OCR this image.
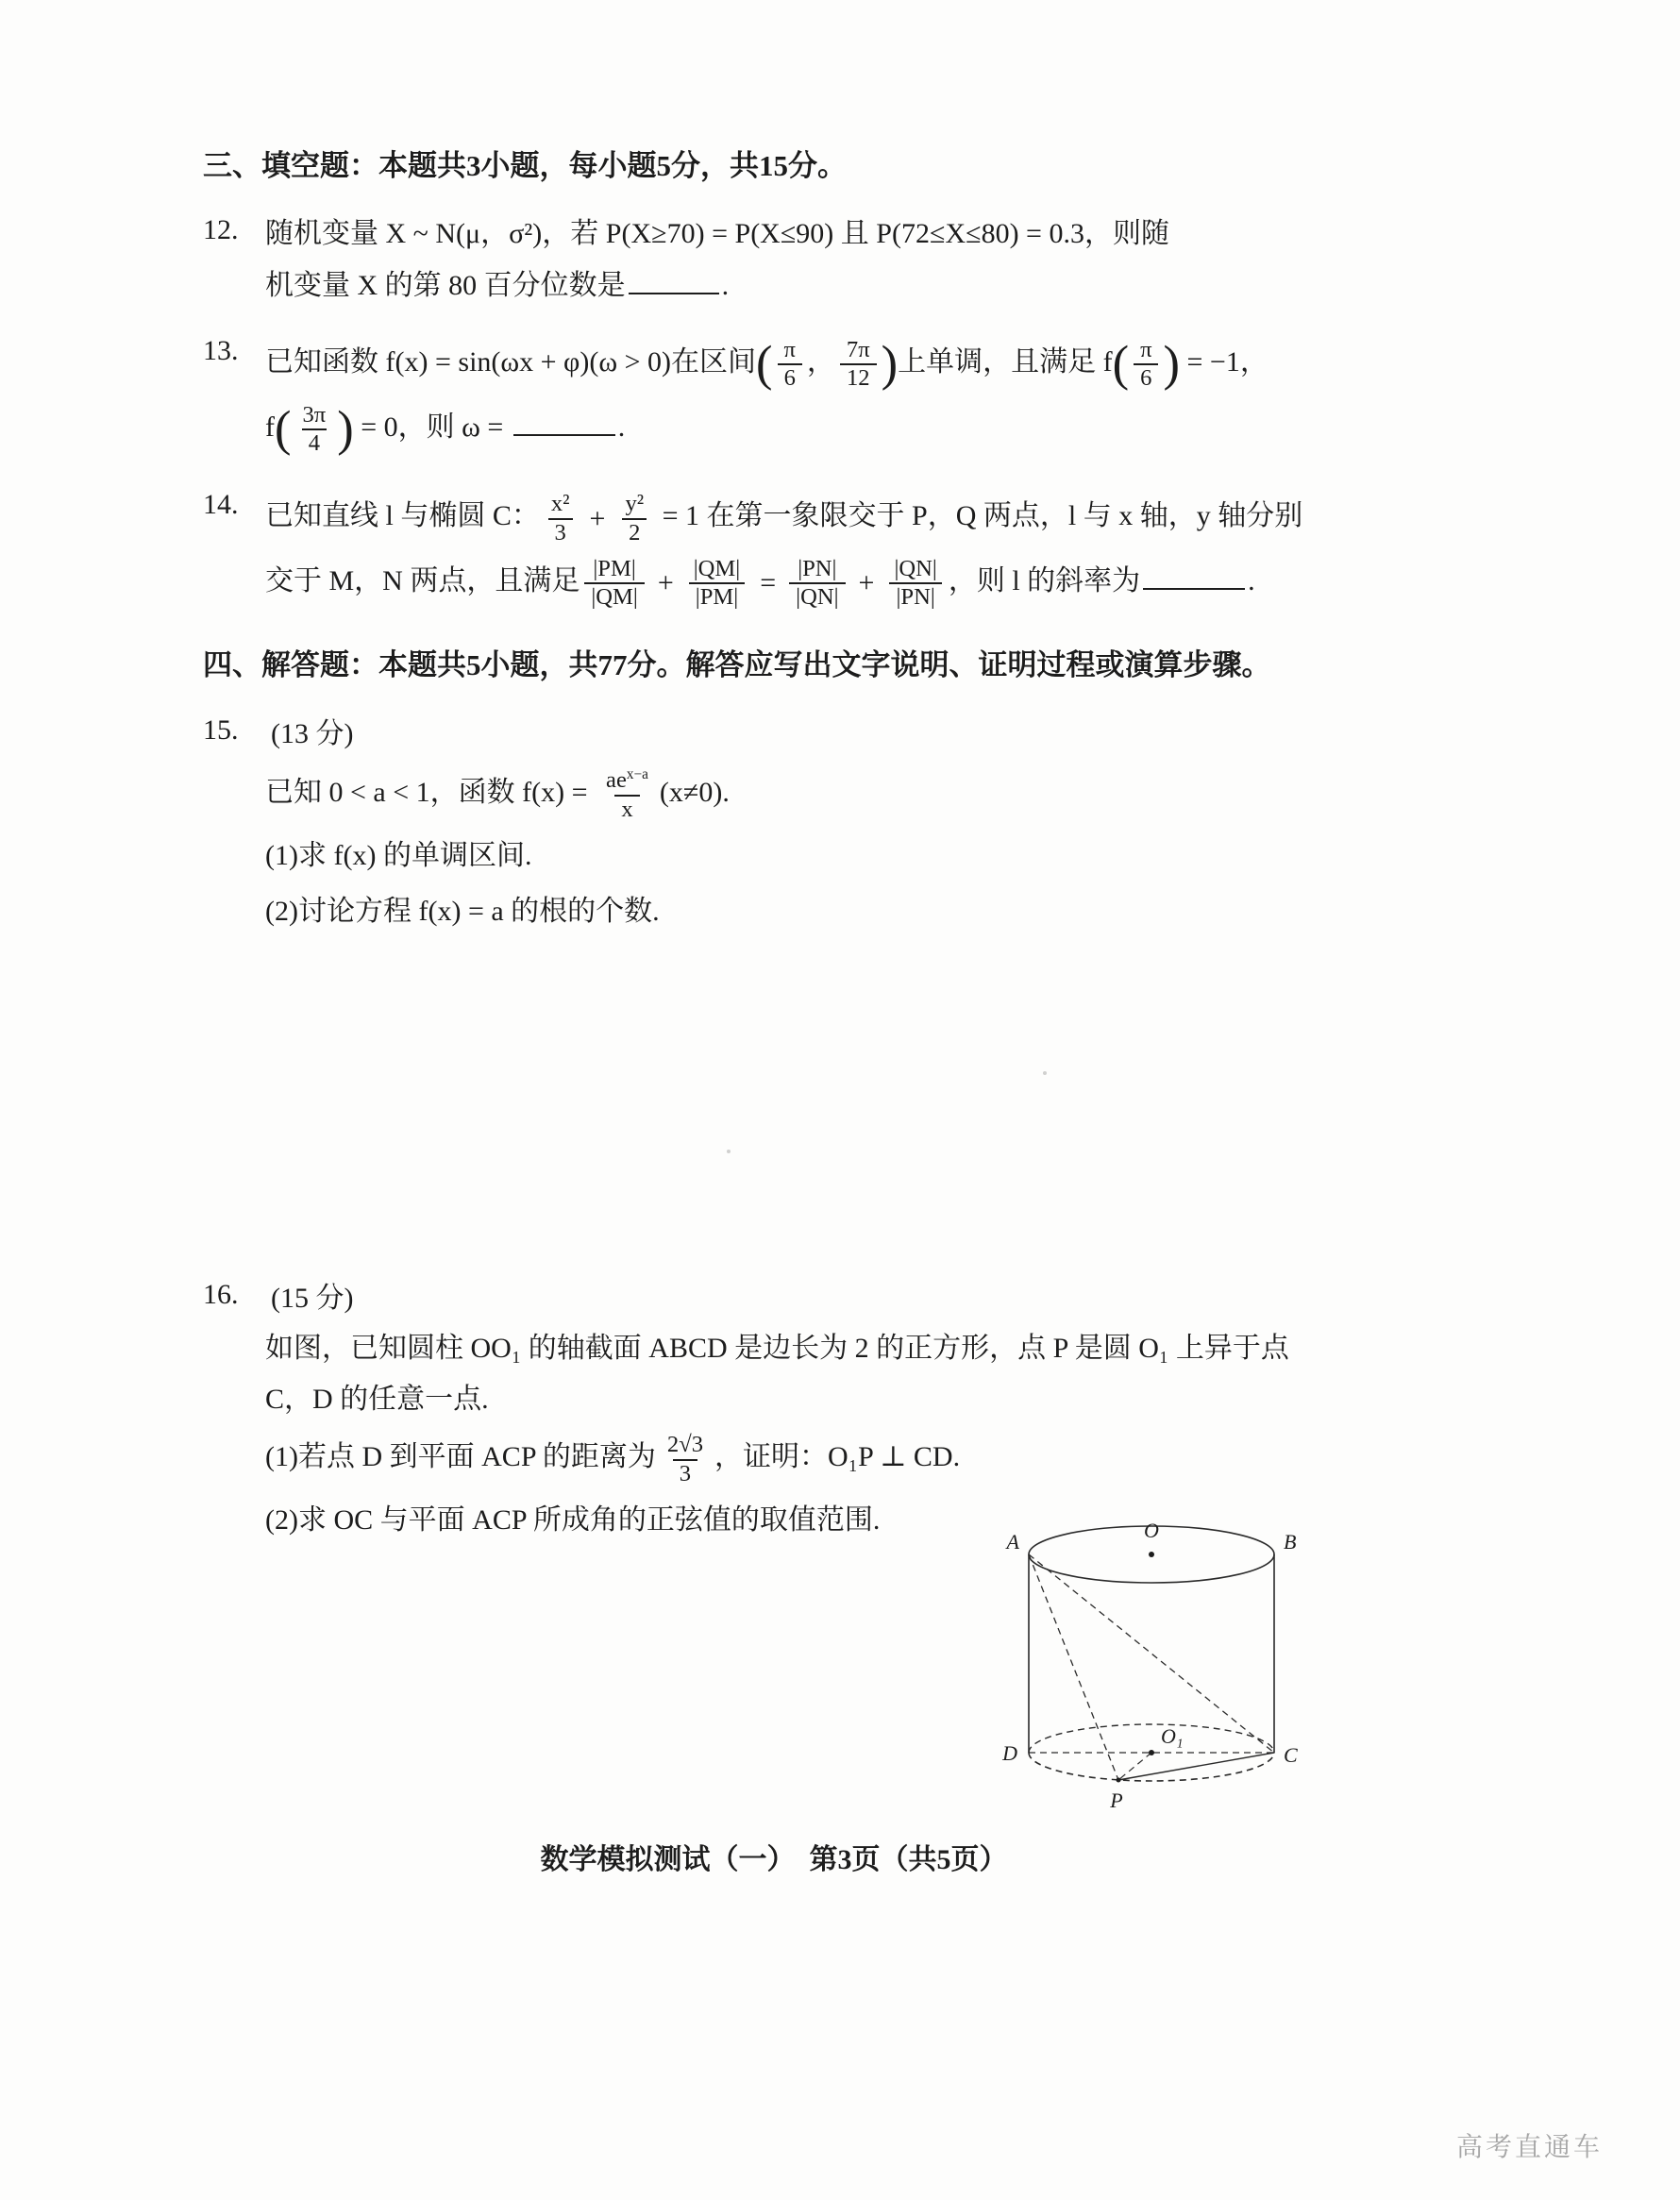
三、填空题：本题共3小题，每小题5分，共15分。
12. 随机变量 X ~ N(μ，σ²)，若 P(X≥70) = P(X≤90) 且 P(72≤X≤80) = 0.3，则随
机变量 X 的第 80 百分位数是	.
13. 已知函数 f(x) = sin(ωx + φ)(ω > 0)在区间( $\frac{\pi}{6}$ ， $\frac{7\pi}{12}$ )上单调，且满足 $f( \frac{\pi}{6}$ ) = −1，
$f( \frac{3\pi}{4}$ ) = 0，则 ω =	.
14. 已知直线 l 与椭圆 C： $\frac{\text{x²}}{3} + \frac{\text{y²}}{2} = 1$ 在第一象限交于 P，Q 两点，l 与 x 轴，y 轴分别
交于 M，N 两点，且满足 $\frac{|PM|}{|QM|} + \frac{|QM|}{|PM|} = \frac{|PN|}{|QN|} + \frac{|QN|}{|PN|}$ ，则 l 的斜率为	.
四、解答题：本题共5小题，共77分。解答应写出文字说明、证明过程或演算步骤。
15.	(13 分)
已知 0 < a < 1，函数 $f(x) = \frac{ae^{x-a}}{x} (x\ne 0)$.
(1)求 f(x) 的单调区间.
(2)讨论方程 f(x) = a 的根的个数.
16.	(15 分)
如图，已知圆柱 OO₁ 的轴截面 ABCD 是边长为 2 的正方形，点 P 是圆 O₁ 上异于点
C，D 的任意一点.
(1)若点 D 到平面 ACP 的距离为 $\frac{2√3}{3}$ ，证明：O₁P ⊥ CD.
(2)求 OC 与平面 ACP 所成角的正弦值的取值范围.
A	O	B
D
O₁
C
P
数学模拟测试（一）　第3页（共5页）
高考直通车
